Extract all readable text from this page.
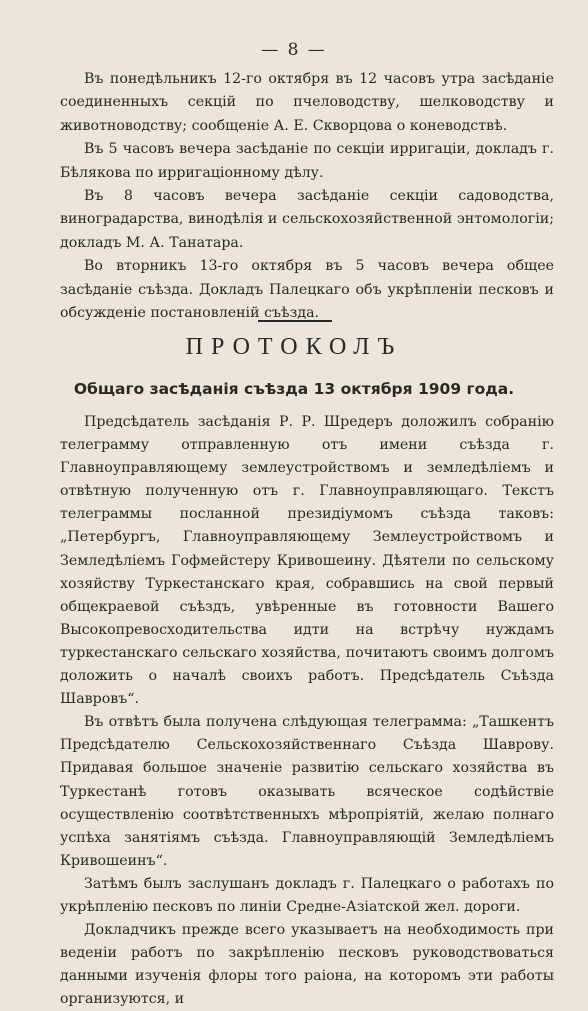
— 8 —

Въ понедѣльникъ 12-го октября въ 12 часовъ утра засѣданіе соединенныхъ секцій по пчеловодству, шелководству и животноводству; сообщеніе А. Е. Скворцова о коневодствѣ.

Въ 5 часовъ вечера засѣданіе по секціи ирригаціи, докладъ г. Бѣлякова по ирригаціонному дѣлу.

Въ 8 часовъ вечера засѣданіе секціи садоводства, виноградарства, винодѣлія и сельскохозяйственной энтомологіи; докладъ М. А. Танатара.

Во вторникъ 13-го октября въ 5 часовъ вечера общее засѣданіе съѣзда. Докладъ Палецкаго объ укрѣпленіи песковъ и обсужденіе постановленій съѣзда.

ПРОТОКОЛЪ
Общаго засѣданія съѣзда 13 октября 1909 года.

Предсѣдатель засѣданія Р. Р. Шредеръ доложилъ собранію телеграмму отправленную отъ имени съѣзда г. Главноуправляющему землеустройствомъ и земледѣліемъ и отвѣтную полученную отъ г. Главноуправляющаго. Текстъ телеграммы посланной президіумомъ съѣзда таковъ: „Петербургъ, Главноуправляющему Землеустройствомъ и Земледѣліемъ Гофмейстеру Кривошеину. Дѣятели по сельскому хозяйству Туркестанскаго края, собравшись на свой первый общекраевой съѣздъ, увѣренные въ готовности Вашего Высокопревосходительства идти на встрѣчу нуждамъ туркестанскаго сельскаго хозяйства, почитаютъ своимъ долгомъ доложить о началѣ своихъ работъ. Предсѣдатель Съѣзда Шавровъ“.

Въ отвѣтъ была получена слѣдующая телеграмма: „Ташкентъ Предсѣдателю Сельскохозяйственнаго Съѣзда Шаврову. Придавая большое значеніе развитію сельскаго хозяйства въ Туркестанѣ готовъ оказывать всяческое содѣйствіе осуществленію соотвѣтственныхъ мѣропріятій, желаю полнаго успѣха занятіямъ съѣзда. Главноуправляющій Земледѣліемъ Кривошеинъ“.

Затѣмъ былъ заслушанъ докладъ г. Палецкаго о работахъ по укрѣпленію песковъ по линіи Средне-Азіатской жел. дороги.

Докладчикъ прежде всего указываетъ на необходимость при веденіи работъ по закрѣпленію песковъ руководствоваться данными изученія флоры того раіона, на которомъ эти работы организуются, и
